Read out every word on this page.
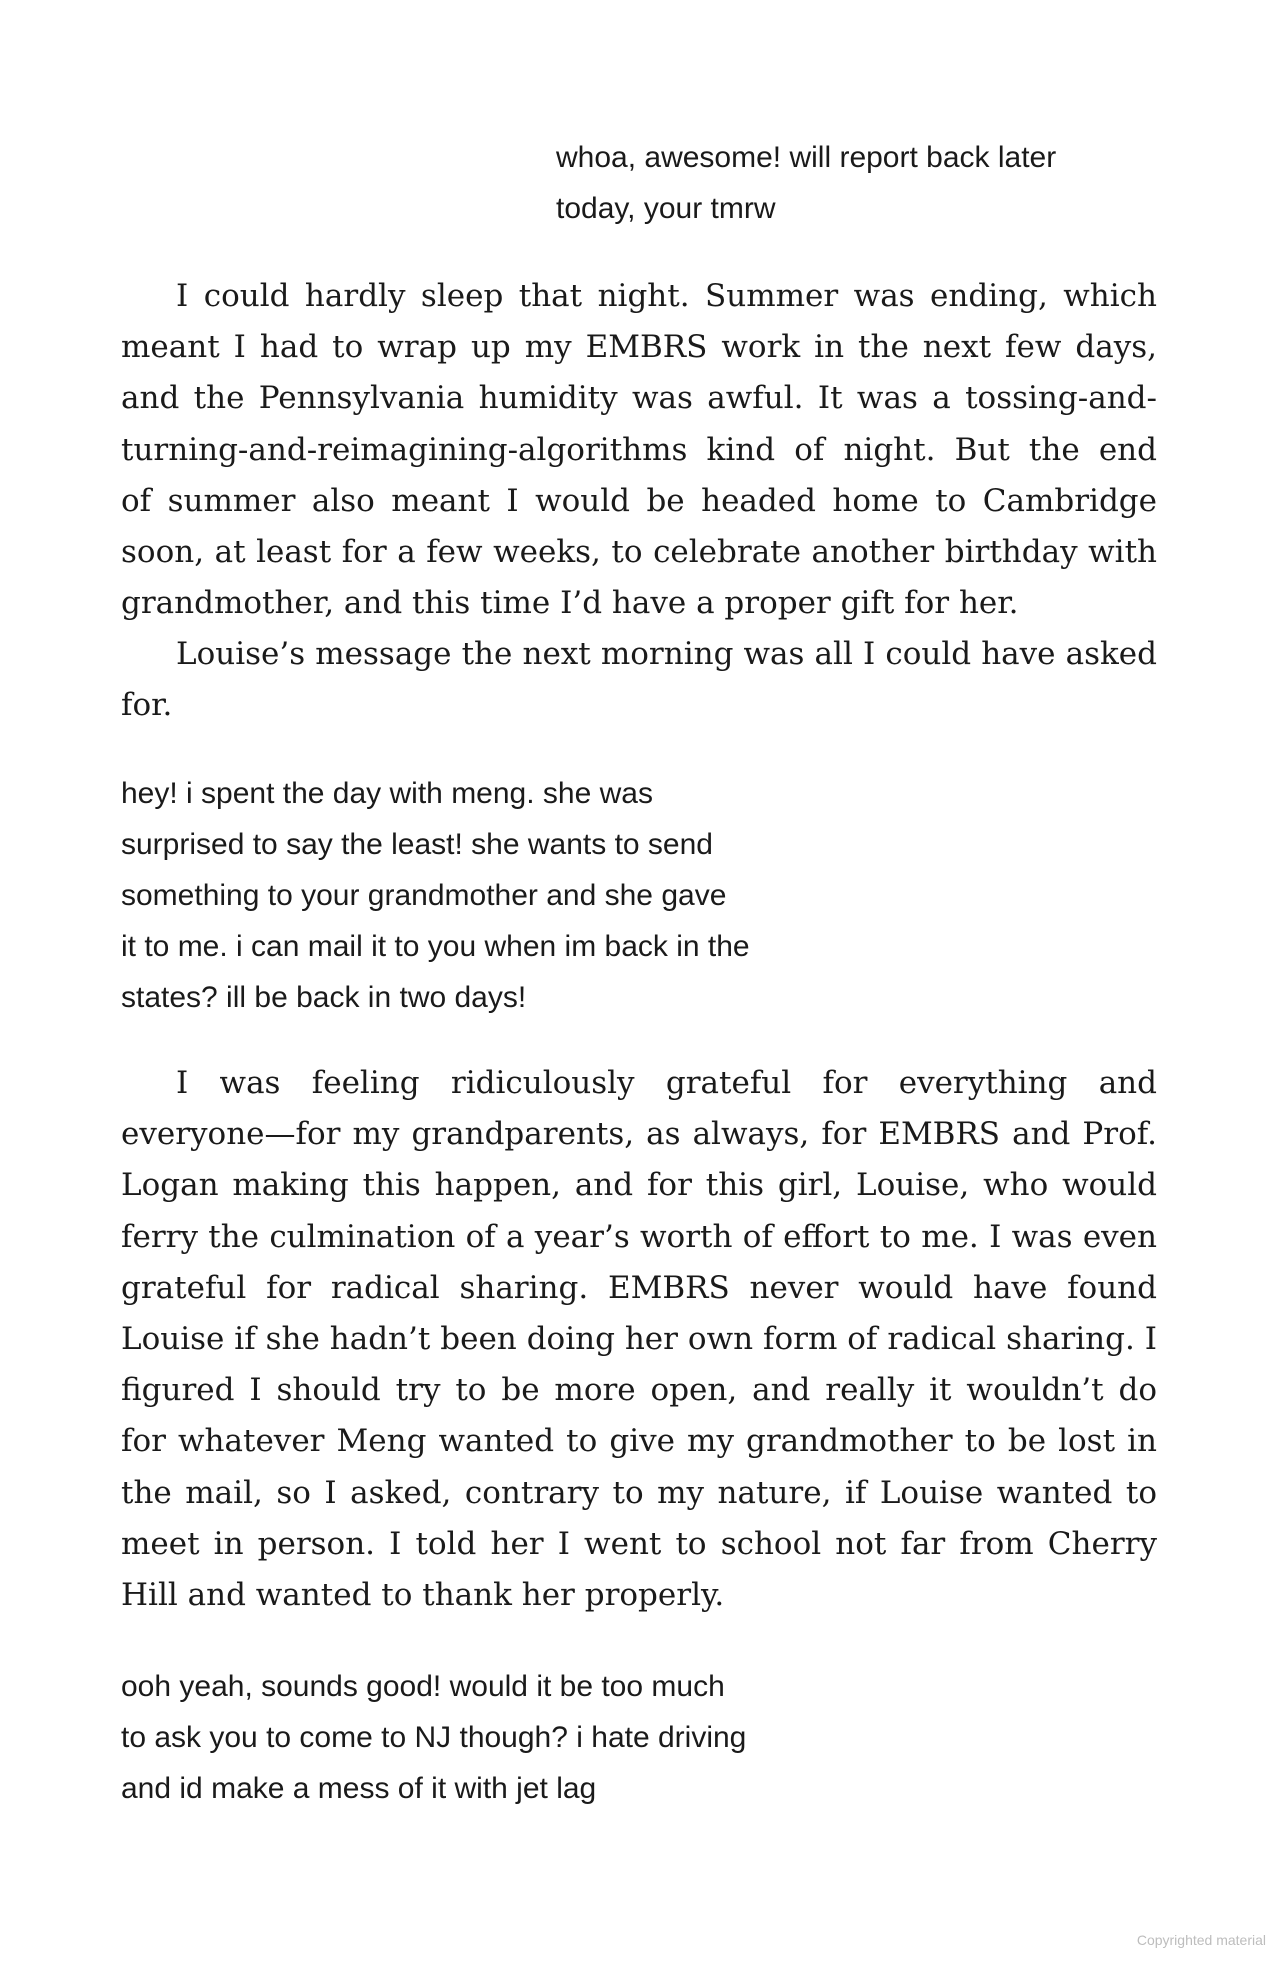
whoa, awesome! will report back later
today, your tmrw
I could hardly sleep that night. Summer was ending, which
meant I had to wrap up my EMBRS work in the next few days,
and the Pennsylvania humidity was awful. It was a tossing-and-
turning-and-reimagining-algorithms kind of night. But the end
of summer also meant I would be headed home to Cambridge
soon, at least for a few weeks, to celebrate another birthday with
grandmother, and this time I’d have a proper gift for her.
Louise’s message the next morning was all I could have asked
for.
hey! i spent the day with meng. she was
surprised to say the least! she wants to send
something to your grandmother and she gave
it to me. i can mail it to you when im back in the
states? ill be back in two days!
I was feeling ridiculously grateful for everything and
everyone—for my grandparents, as always, for EMBRS and Prof.
Logan making this happen, and for this girl, Louise, who would
ferry the culmination of a year’s worth of effort to me. I was even
grateful for radical sharing. EMBRS never would have found
Louise if she hadn’t been doing her own form of radical sharing. I
figured I should try to be more open, and really it wouldn’t do
for whatever Meng wanted to give my grandmother to be lost in
the mail, so I asked, contrary to my nature, if Louise wanted to
meet in person. I told her I went to school not far from Cherry
Hill and wanted to thank her properly.
ooh yeah, sounds good! would it be too much
to ask you to come to NJ though? i hate driving
and id make a mess of it with jet lag
Copyrighted material
